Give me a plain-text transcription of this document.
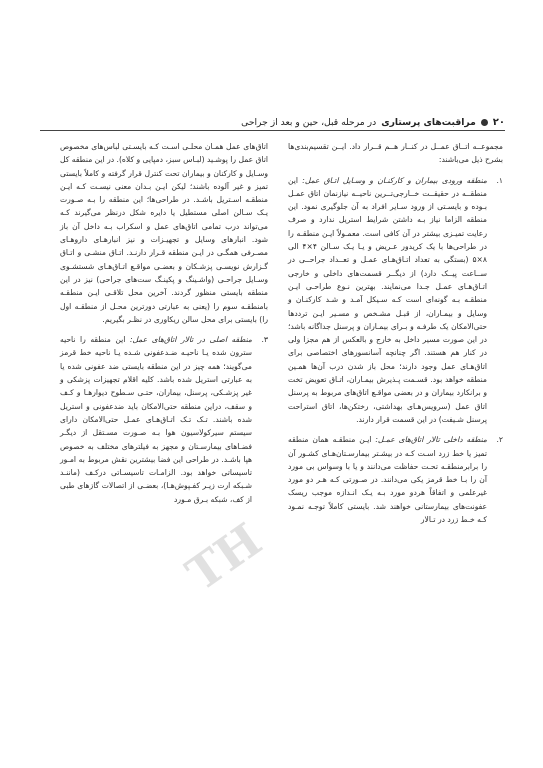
۲۰
مراقبت‌های پرستاری
در مرحله قبل، حین و بعد از جراحی

مجموعــه اتــاق عمــل در كنــار هــم قــرار داد. ايــن تقسيم‌بندی‌ها بشرح ذيل می‌باشند:

۱.

منطقه ورودی بیماران و کارکنـان و وسـایل اتـاق عمل: این منطقــه در حقیقــت خــارجی‌تــرین ناحیــه نیاز‌نمان اتاق عمـل بـوده و بايسـتی از ورود سـاير افراد به آن جلوگیری نمود. این منطقه الزاما نیاز بـه داشتن شرایط استریل ندارد و صرف رعایت تمیـزی بیشتر در آن کافی است. معمـولاً ایـن منطقـه را در طراحی‌ها با یک کریدور عـریض و یـا یـک سـالن ۴×۴ الی ۸×۵ (بستگی به تعداد اتـاق‌هـای عمـل و تعــداد جراحــی در ســاعت پیــک دارد) از دیگــر قسمت‌های داخلی و خارجی اتـاق‌هـای عمـل جـدا می‌نمایند. بهترین نـوع طراحـی ایـن منطقـه بـه گونه‌ای است کـه سـیکل آمـد و شـد کارکنـان و وسایل و بیمـاران، از قبـل مشـخص و مسـیر ایـن ترددها حتی‌الامکان یک طرفـه و بـرای بیمـاران و پرسنل جداگانه باشد؛ در این صورت مسیر داخل به خارج و بالعکس از هم مجزا ولی در کنار هم هستند. اگر چنانچه آسانسورهای اختصاصی برای اتاق‌هـای عمل وجود دارند؛ محل باز شدن درب آن‌ها همـین منطقه خواهد بود. قسـمت پـذیرش بیمـاران، اتـاق تعویض تخت و برانکارد بیماران و در بعضی مواقـع اتاق‌های مربوط به پرسنل اتاق عمل (سرویس‌هـای بهداشتی، رختکن‌ها، اتاق استراحت پرسنل شـیفت) در این قسمت قرار دارند.

۲.

منطقه داخلی تالار اتاق‌های عمـل: ایـن منطقـه همان منطقه تمیز یا خط زرد اسـت کـه در بیشـتر بیمارسـتان‌هـای کشـور آن را برابرمنطقـه تحـت حفاظت می‌دانند و یا با وسواس بی مورد آن را بـا خط قرمز یکی می‌دانند. در صـورتی کـه هـر دو مورد غیرعلمی و اتفاقاً هردو مورد بـه یـک انـدازه موجب ریسک عفونت‌های بیمارستانی خواهند شد. بایستی کاملاً توجـه نمـود کـه خـط زرد در تـالار

اتاق‌های عمل همـان محلـی اسـت کـه بایسـتی لباس‌های مخصوص اتاق عمل را پوشـید (لبـاس سبز، دمپایی و کلاه). در این منطقه کل وسـایل و کارکنان و بیماران تحت کنترل قرار گرفته و کاملاً بایستی تمیز و غیر آلوده باشند؛ لیکن ایـن بـدان معنی نیسـت کـه ایـن منطقـه اسـتریل باشـد. در طراحی‌ها؛ این منطقه را بـه صـورت یـک سـالن اصلی مستطیل یا دایره شکل درنظر می‌گیرند کـه می‌تواند درب تمامی اتاق‌های عمل و اسکراب بـه داخل آن باز شود. انبارهای وسایل و تجهیـزات و نیز انبارهـای داروهـای مصـرفی همگـی در ایـن منطقه قـرار دارنـد. اتـاق منشـی و اتـاق گـزارش نویسـی پزشـکان و بعضـی مواقـع اتـاق‌هـای شستشـوی وسـایل جراحـی (واشـینگ و پکینـگ ست‌های جراحی) نیز در این منطقه بایستی منظور گردند. آخرین محل تلاقـی ایـن منطقـه بامنطقـه سوم را (یعنی به عبارتی دورترین محـل از منطقـه اول را) بایستی برای محل سالن ریکاوری در نظـر بگیریم.

۳.

منطقه اصلی در تالار اتاق‌های عمل: این منطقه را ناحیه سترون شده یـا ناحیـه ضـدعفونی شـده یـا ناحیه خط قرمز می‌گویند؛ همه چیز در این منطقه بایستی ضد عفونی شده یا به عبارتی استریل شده باشد. کلیه اقلام تجهیزات پزشکی و غیر پزشـکی، پرسنل، بیماران، حتـی سـطوح دیوارهـا و کـف و سقف، دراین منطقه حتی‌الامکان باید ضدعفونی و استریل شده باشند. تـک تـک اتـاق‌هـای عمـل حتی‌الامکان دارای سیستم سیرکولاسیون هوا بـه صـورت مسـتقل از دیگـر فضـاهای بیمارسـتان و مجهز به فیلترهای مختلف به خصوص هپا باشـد. در طراحی این فضا بیشترین نقش مربوط به امـور تاسیساتی خواهد بود. الزامـات تاسیسـاتی درکـف (ماننـد شـبکه ارت زیـر کفـپوش‌هـا)، بعضـی از اتصالات گازهای طبی از کف، شبکه بـرق مـورد

TH
